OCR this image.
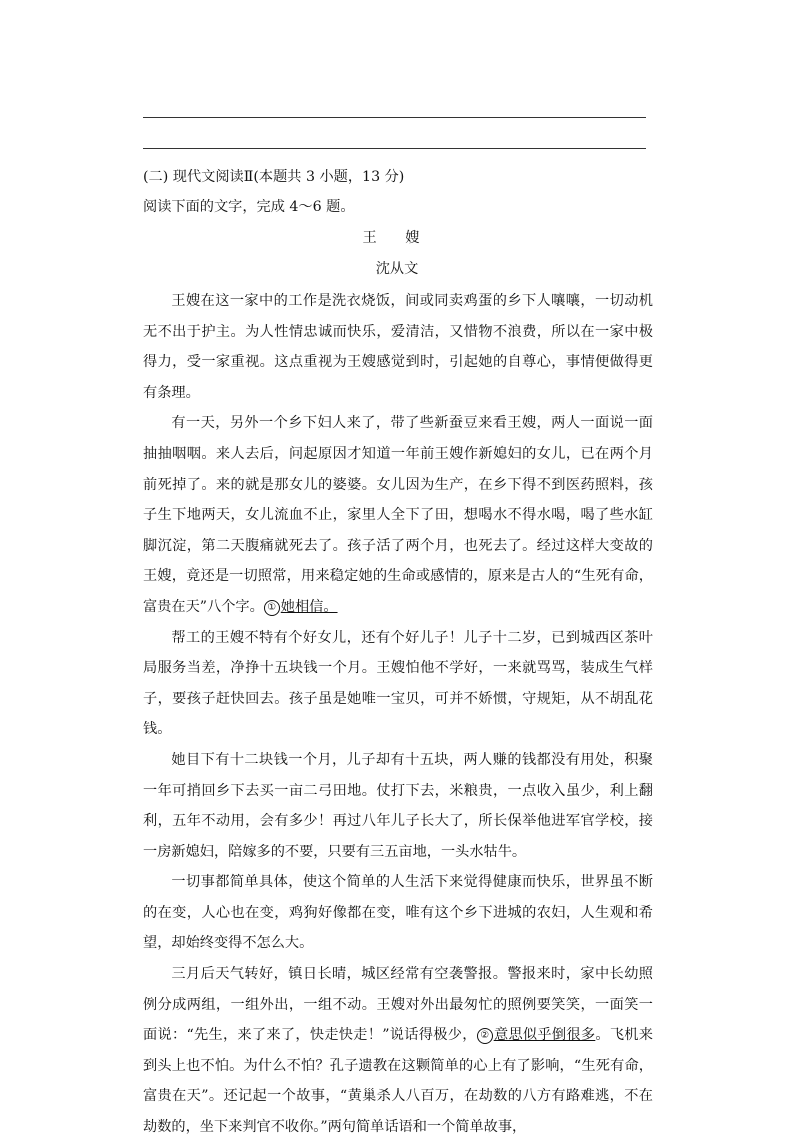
(二) 现代文阅读Ⅱ(本题共 3 小题，13 分)
阅读下面的文字，完成 4～6 题。
王 嫂
沈从文

王嫂在这一家中的工作是洗衣烧饭，间或同卖鸡蛋的乡下人嚷嚷，一切动机无不出于护主。为人性情忠诚而快乐，爱清洁，又惜物不浪费，所以在一家中极得力，受一家重视。这点重视为王嫂感觉到时，引起她的自尊心，事情便做得更有条理。

有一天，另外一个乡下妇人来了，带了些新蚕豆来看王嫂，两人一面说一面抽抽咽咽。来人去后，问起原因才知道一年前王嫂作新媳妇的女儿，已在两个月前死掉了。来的就是那女儿的婆婆。女儿因为生产，在乡下得不到医药照料，孩子生下地两天，女儿流血不止，家里人全下了田，想喝水不得水喝，喝了些水缸脚沉淀，第二天腹痛就死去了。孩子活了两个月，也死去了。经过这样大变故的王嫂，竟还是一切照常，用来稳定她的生命或感情的，原来是古人的“生死有命，富贵在天”八个字。 ① 她相信。

帮工的王嫂不特有个好女儿，还有个好儿子！儿子十二岁，已到城西区茶叶局服务当差，净挣十五块钱一个月。王嫂怕他不学好，一来就骂骂，装成生气样子，要孩子赶快回去。孩子虽是她唯一宝贝，可并不娇惯，守规矩，从不胡乱花钱。

她目下有十二块钱一个月，儿子却有十五块，两人赚的钱都没有用处，积聚一年可捎回乡下去买一亩二弓田地。仗打下去，米粮贵，一点收入虽少，利上翻利，五年不动用，会有多少！再过八年儿子长大了，所长保举他进军官学校，接一房新媳妇，陪嫁多的不要，只要有三五亩地，一头水牯牛。

一切事都简单具体，使这个简单的人生活下来觉得健康而快乐，世界虽不断的在变，人心也在变，鸡狗好像都在变，唯有这个乡下进城的农妇，人生观和希望，却始终变得不怎么大。

三月后天气转好，镇日长晴，城区经常有空袭警报。警报来时，家中长幼照例分成两组，一组外出，一组不动。王嫂对外出最匆忙的照例要笑笑，一面笑一面说：“先生，来了来了，快走快走！”说话得极少， ② 意思似乎倒很多。飞机来到头上也不怕。为什么不怕？孔子遗教在这颗简单的心上有了影响，“生死有命，富贵在天”。还记起一个故事，“黄巢杀人八百万，在劫数的八方有路难逃，不在劫数的，坐下来判官不收你。”两句简单话语和一个简单故事，
